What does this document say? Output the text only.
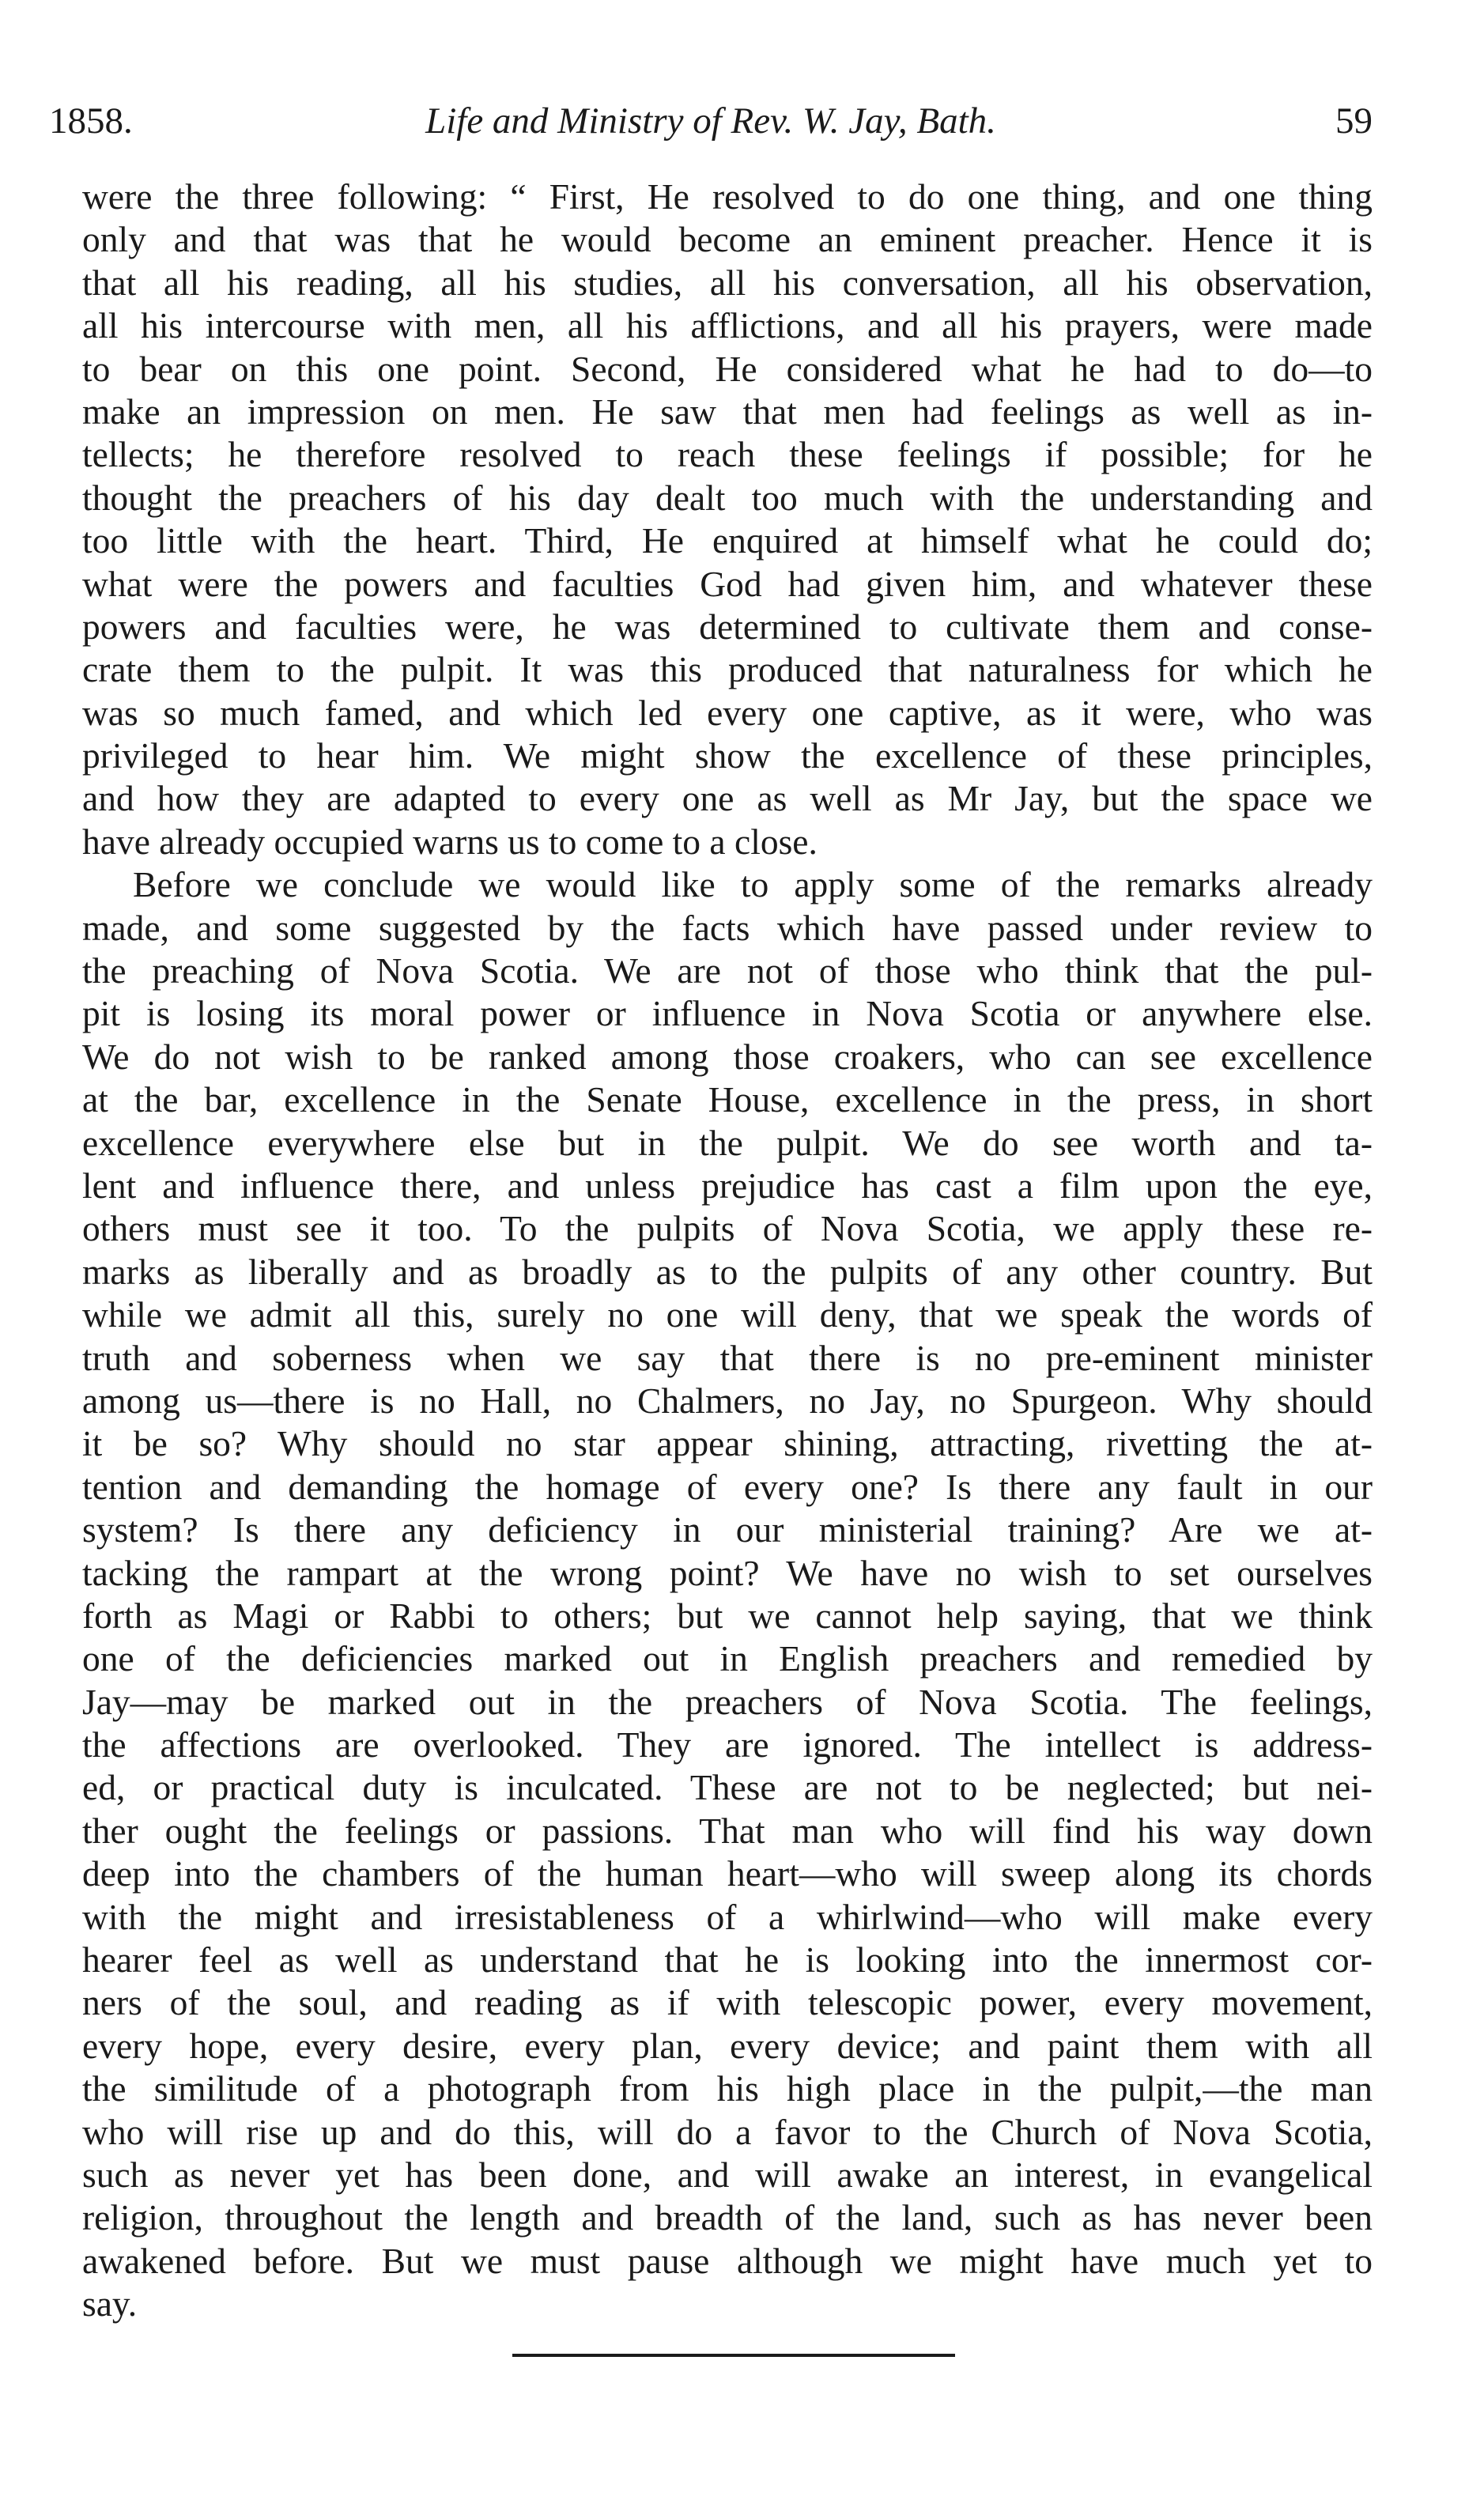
1858.	Life and Ministry of Rev. W. Jay, Bath.	59
were the three following: “ First, He resolved to do one thing, and one thing
only and that was that he would become an eminent preacher. Hence it is
that all his reading, all his studies, all his conversation, all his observation,
all his intercourse with men, all his afflictions, and all his prayers, were made
to bear on this one point. Second, He considered what he had to do—to
make an impression on men. He saw that men had feelings as well as in-
tellects; he therefore resolved to reach these feelings if possible; for he
thought the preachers of his day dealt too much with the understanding and
too little with the heart. Third, He enquired at himself what he could do;
what were the powers and faculties God had given him, and whatever these
powers and faculties were, he was determined to cultivate them and conse-
crate them to the pulpit. It was this produced that naturalness for which he
was so much famed, and which led every one captive, as it were, who was
privileged to hear him. We might show the excellence of these principles,
and how they are adapted to every one as well as Mr Jay, but the space we
have already occupied warns us to come to a close.
Before we conclude we would like to apply some of the remarks already
made, and some suggested by the facts which have passed under review to
the preaching of Nova Scotia. We are not of those who think that the pul-
pit is losing its moral power or influence in Nova Scotia or anywhere else.
We do not wish to be ranked among those croakers, who can see excellence
at the bar, excellence in the Senate House, excellence in the press, in short
excellence everywhere else but in the pulpit. We do see worth and ta-
lent and influence there, and unless prejudice has cast a film upon the eye,
others must see it too. To the pulpits of Nova Scotia, we apply these re-
marks as liberally and as broadly as to the pulpits of any other country. But
while we admit all this, surely no one will deny, that we speak the words of
truth and soberness when we say that there is no pre-eminent minister
among us—there is no Hall, no Chalmers, no Jay, no Spurgeon. Why should
it be so? Why should no star appear shining, attracting, rivetting the at-
tention and demanding the homage of every one? Is there any fault in our
system? Is there any deficiency in our ministerial training? Are we at-
tacking the rampart at the wrong point? We have no wish to set ourselves
forth as Magi or Rabbi to others; but we cannot help saying, that we think
one of the deficiencies marked out in English preachers and remedied by
Jay—may be marked out in the preachers of Nova Scotia. The feelings,
the affections are overlooked. They are ignored. The intellect is address-
ed, or practical duty is inculcated. These are not to be neglected; but nei-
ther ought the feelings or passions. That man who will find his way down
deep into the chambers of the human heart—who will sweep along its chords
with the might and irresistableness of a whirlwind—who will make every
hearer feel as well as understand that he is looking into the innermost cor-
ners of the soul, and reading as if with telescopic power, every movement,
every hope, every desire, every plan, every device; and paint them with all
the similitude of a photograph from his high place in the pulpit,—the man
who will rise up and do this, will do a favor to the Church of Nova Scotia,
such as never yet has been done, and will awake an interest, in evangelical
religion, throughout the length and breadth of the land, such as has never been
awakened before. But we must pause although we might have much yet to
say.
